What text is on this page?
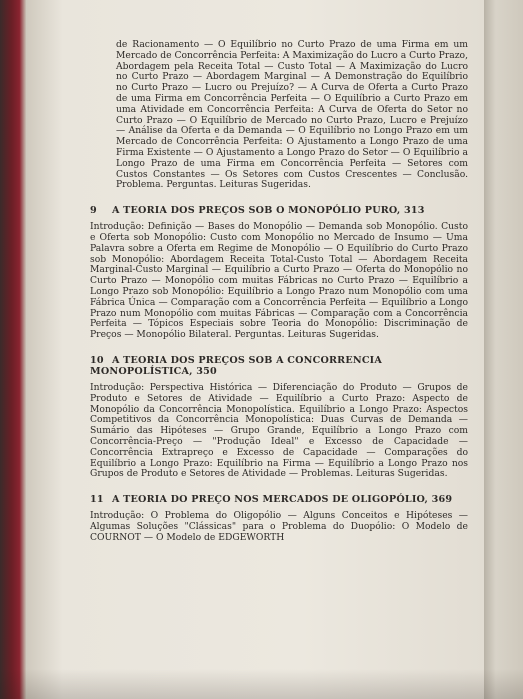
de Racionamento — O Equilíbrio no Curto Prazo de uma Firma em um Mercado de Concorrência Perfeita: A Maximização do Lucro a Curto Prazo, Abordagem pela Receita Total — Custo Total — A Maximização do Lucro no Curto Prazo — Abordagem Marginal — A Demonstração do Equilíbrio no Curto Prazo — Lucro ou Prejuízo? — A Curva de Oferta a Curto Prazo de uma Firma em Concorrência Perfeita — O Equilíbrio a Curto Prazo em uma Atividade em Concorrência Perfeita: A Curva de Oferta do Setor no Curto Prazo — O Equilíbrio de Mercado no Curto Prazo, Lucro e Prejuízo — Análise da Oferta e da Demanda — O Equilíbrio no Longo Prazo em um Mercado de Concorrência Perfeita: O Ajustamento a Longo Prazo de uma Firma Existente — O Ajustamento a Longo Prazo do Setor — O Equilíbrio a Longo Prazo de uma Firma em Concorrência Perfeita — Setores com Custos Constantes — Os Setores com Custos Crescentes — Conclusão. Problema. Perguntas. Leituras Sugeridas.

9 A TEORIA DOS PREÇOS SOB O MONOPÓLIO PURO, 313

Introdução: Definição — Bases do Monopólio — Demanda sob Monopólio. Custo e Oferta sob Monopólio: Custo com Monopólio no Mercado de Insumo — Uma Palavra sobre a Oferta em Regime de Monopólio — O Equilíbrio do Curto Prazo sob Monopólio: Abordagem Receita Total-Custo Total — Abordagem Receita Marginal-Custo Marginal — Equilíbrio a Curto Prazo — Oferta do Monopólio no Curto Prazo — Monopólio com muitas Fábricas no Curto Prazo — Equilíbrio a Longo Prazo sob Monopólio: Equilíbrio a Longo Prazo num Monopólio com uma Fábrica Única — Comparação com a Concorrência Perfeita — Equilíbrio a Longo Prazo num Monopólio com muitas Fábricas — Comparação com a Concorrência Perfeita — Tópicos Especiais sobre Teoria do Monopólio: Discriminação de Preços — Monopólio Bilateral. Perguntas. Leituras Sugeridas.

10 A TEORIA DOS PREÇOS SOB A CONCORRENCIA MONOPOLÍSTICA, 350

Introdução: Perspectiva Histórica — Diferenciação do Produto — Grupos de Produto e Setores de Atividade — Equilíbrio a Curto Prazo: Aspecto de Monopólio da Concorrência Monopolística. Equilíbrio a Longo Prazo: Aspectos Competitivos da Concorrência Monopolística: Duas Curvas de Demanda — Sumário das Hipóteses — Grupo Grande, Equilíbrio a Longo Prazo com Concorrência-Preço — "Produção Ideal" e Excesso de Capacidade — Concorrência Extrapreço e Excesso de Capacidade — Comparações do Equilíbrio a Longo Prazo: Equilíbrio na Firma — Equilíbrio a Longo Prazo nos Grupos de Produto e Setores de Atividade — Problemas. Leituras Sugeridas.

11 A TEORIA DO PREÇO NOS MERCADOS DE OLIGOPÓLIO, 369

Introdução: O Problema do Oligopólio — Alguns Conceitos e Hipóteses — Algumas Soluções "Clássicas" para o Problema do Duopólio: O Modelo de COURNOT — O Modelo de EDGEWORTH
